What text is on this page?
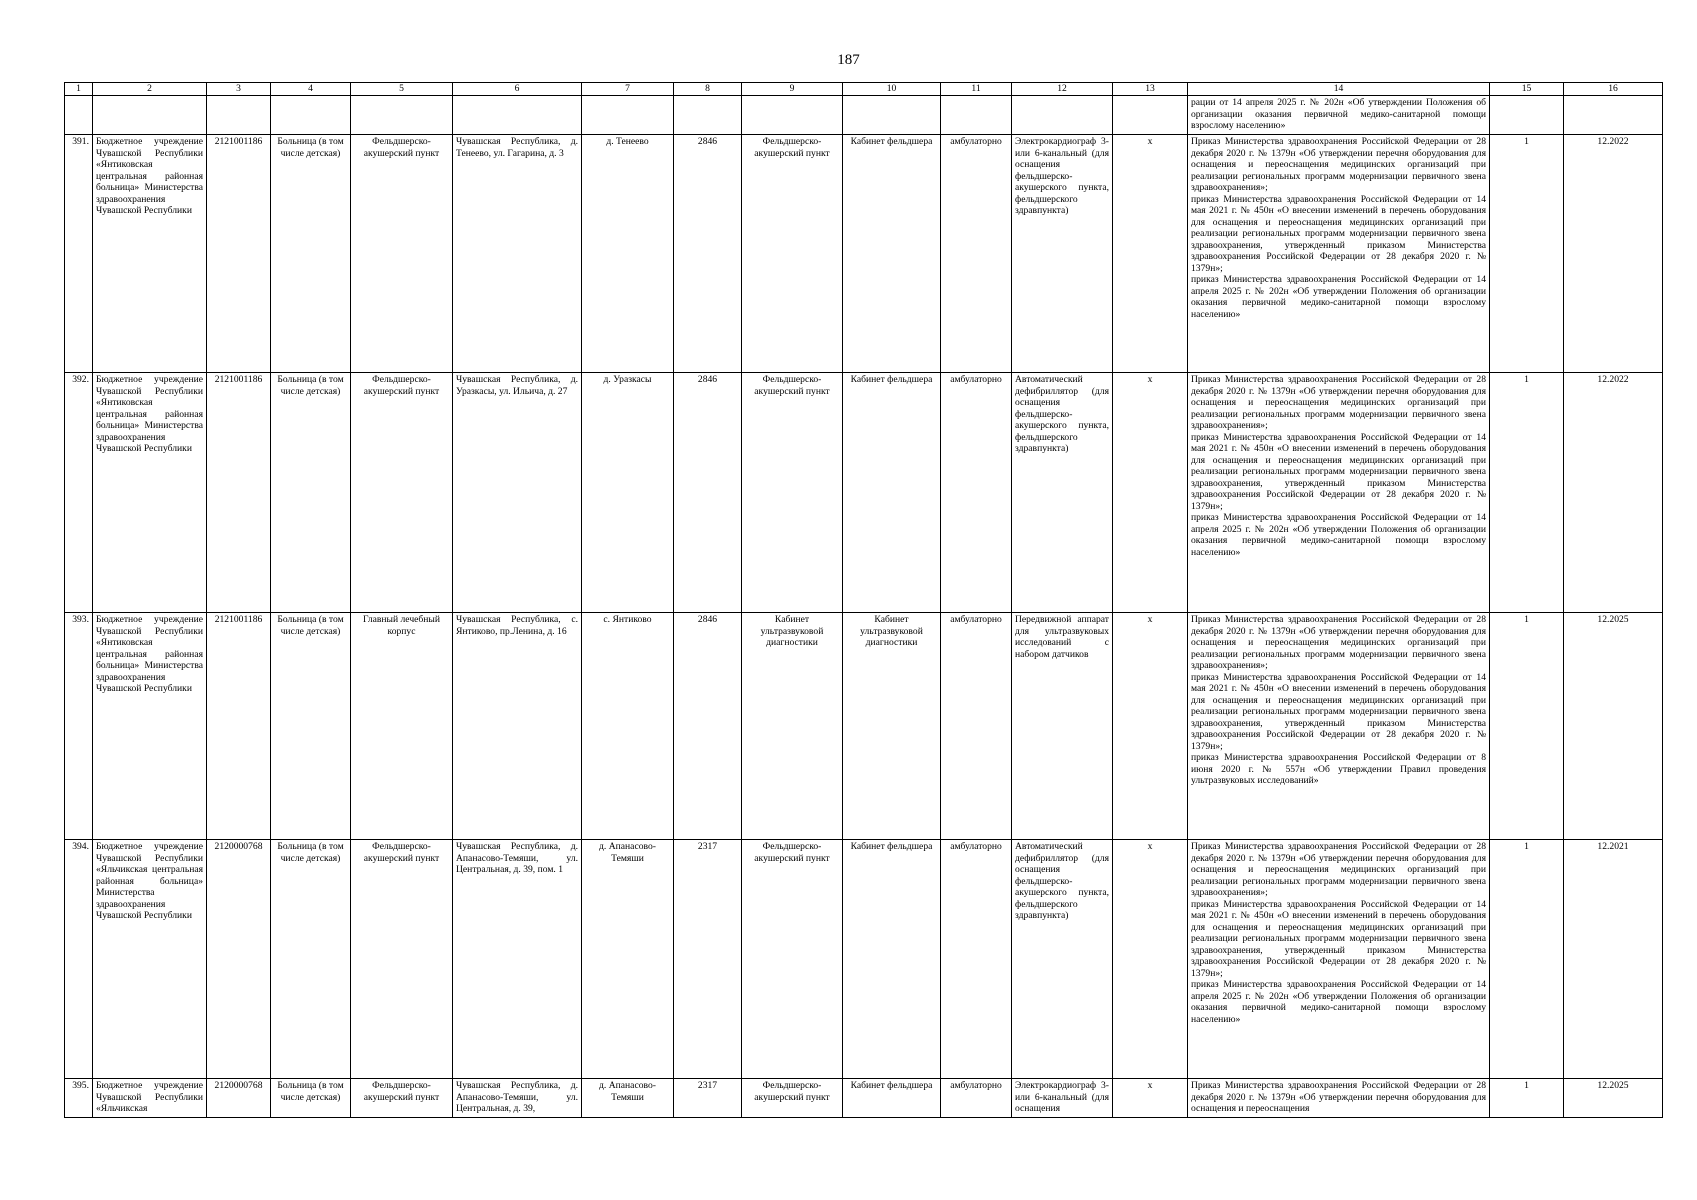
187
1	2	3	4	5	6	7	8	9	10	11	12	13	14	15	16
													рации от 14 апреля 2025 г. № 202н «Об утверждении Положения об организации оказания первичной медико-санитарной помощи взрослому населению»		
391.	Бюджетное учреждение Чувашской Республики «Янтиковская центральная районная больница» Министерства здравоохранения Чувашской Республики	2121001186	Больница (в том числе детская)	Фельдшерско-акушерский пункт	Чувашская Республика, д. Тенеево, ул. Гагарина, д. 3	д. Тенеево	2846	Фельдшерско-акушерский пункт	Кабинет фельдшера	амбулаторно	Электрокардиограф 3- или 6-канальный (для оснащения фельдшерско-акушерского пункта, фельдшерского здравпункта)	х	Приказ Министерства здравоохранения Российской Федерации от 28 декабря 2020 г. № 1379н «Об утверждении перечня оборудования для оснащения и переоснащения медицинских организаций при реализации региональных программ модернизации первичного звена здравоохранения»;
приказ Министерства здравоохранения Российской Федерации от 14 мая 2021 г. № 450н «О внесении изменений в перечень оборудования для оснащения и переоснащения медицинских организаций при реализации региональных программ модернизации первичного звена здравоохранения, утвержденный приказом Министерства здравоохранения Российской Федерации от 28 декабря 2020 г. № 1379н»;
приказ Министерства здравоохранения Российской Федерации от 14 апреля 2025 г. № 202н «Об утверждении Положения об организации оказания первичной медико-санитарной помощи взрослому населению»	1	12.2022
392.	Бюджетное учреждение Чувашской Республики «Янтиковская центральная районная больница» Министерства здравоохранения Чувашской Республики	2121001186	Больница (в том числе детская)	Фельдшерско-акушерский пункт	Чувашская Республика, д. Уразкасы, ул. Ильича, д. 27	д. Уразкасы	2846	Фельдшерско-акушерский пункт	Кабинет фельдшера	амбулаторно	Автоматический дефибриллятор (для оснащения фельдшерско-акушерского пункта, фельдшерского здравпункта)	х	Приказ Министерства здравоохранения Российской Федерации от 28 декабря 2020 г. № 1379н «Об утверждении перечня оборудования для оснащения и переоснащения медицинских организаций при реализации региональных программ модернизации первичного звена здравоохранения»;
приказ Министерства здравоохранения Российской Федерации от 14 мая 2021 г. № 450н «О внесении изменений в перечень оборудования для оснащения и переоснащения медицинских организаций при реализации региональных программ модернизации первичного звена здравоохранения, утвержденный приказом Министерства здравоохранения Российской Федерации от 28 декабря 2020 г. № 1379н»;
приказ Министерства здравоохранения Российской Федерации от 14 апреля 2025 г. № 202н «Об утверждении Положения об организации оказания первичной медико-санитарной помощи взрослому населению»	1	12.2022
393.	Бюджетное учреждение Чувашской Республики «Янтиковская центральная районная больница» Министерства здравоохранения Чувашской Республики	2121001186	Больница (в том числе детская)	Главный лечебный корпус	Чувашская Республика, с. Янтиково, пр.Ленина, д. 16	с. Янтиково	2846	Кабинет ультразвуковой диагностики	Кабинет ультразвуковой диагностики	амбулаторно	Передвижной аппарат для ультразвуковых исследований с набором датчиков	х	Приказ Министерства здравоохранения Российской Федерации от 28 декабря 2020 г. № 1379н «Об утверждении перечня оборудования для оснащения и переоснащения медицинских организаций при реализации региональных программ модернизации первичного звена здравоохранения»;
приказ Министерства здравоохранения Российской Федерации от 14 мая 2021 г. № 450н «О внесении изменений в перечень оборудования для оснащения и переоснащения медицинских организаций при реализации региональных программ модернизации первичного звена здравоохранения, утвержденный приказом Министерства здравоохранения Российской Федерации от 28 декабря 2020 г. № 1379н»;
приказ Министерства здравоохранения Российской Федерации от 8 июня 2020 г. № 557н «Об утверждении Правил проведения ультразвуковых исследований»	1	12.2025
394.	Бюджетное учреждение Чувашской Республики «Яльчикская центральная районная больница» Министерства здравоохранения Чувашской Республики	2120000768	Больница (в том числе детская)	Фельдшерско-акушерский пункт	Чувашская Республика, д. Апанасово-Темяши, ул. Центральная, д. 39, пом. 1	д. Апанасово-Темяши	2317	Фельдшерско-акушерский пункт	Кабинет фельдшера	амбулаторно	Автоматический дефибриллятор (для оснащения фельдшерско-акушерского пункта, фельдшерского здравпункта)	х	Приказ Министерства здравоохранения Российской Федерации от 28 декабря 2020 г. № 1379н «Об утверждении перечня оборудования для оснащения и переоснащения медицинских организаций при реализации региональных программ модернизации первичного звена здравоохранения»;
приказ Министерства здравоохранения Российской Федерации от 14 мая 2021 г. № 450н «О внесении изменений в перечень оборудования для оснащения и переоснащения медицинских организаций при реализации региональных программ модернизации первичного звена здравоохранения, утвержденный приказом Министерства здравоохранения Российской Федерации от 28 декабря 2020 г. № 1379н»;
приказ Министерства здравоохранения Российской Федерации от 14 апреля 2025 г. № 202н «Об утверждении Положения об организации оказания первичной медико-санитарной помощи взрослому населению»	1	12.2021
395.	Бюджетное учреждение Чувашской Республики «Яльчикская	2120000768	Больница (в том числе детская)	Фельдшерско-акушерский пункт	Чувашская Республика, д. Апанасово-Темяши, ул. Центральная, д. 39,	д. Апанасово-Темяши	2317	Фельдшерско-акушерский пункт	Кабинет фельдшера	амбулаторно	Электрокардиограф 3- или 6-канальный (для оснащения	х	Приказ Министерства здравоохранения Российской Федерации от 28 декабря 2020 г. № 1379н «Об утверждении перечня оборудования для оснащения и переоснащения	1	12.2025
